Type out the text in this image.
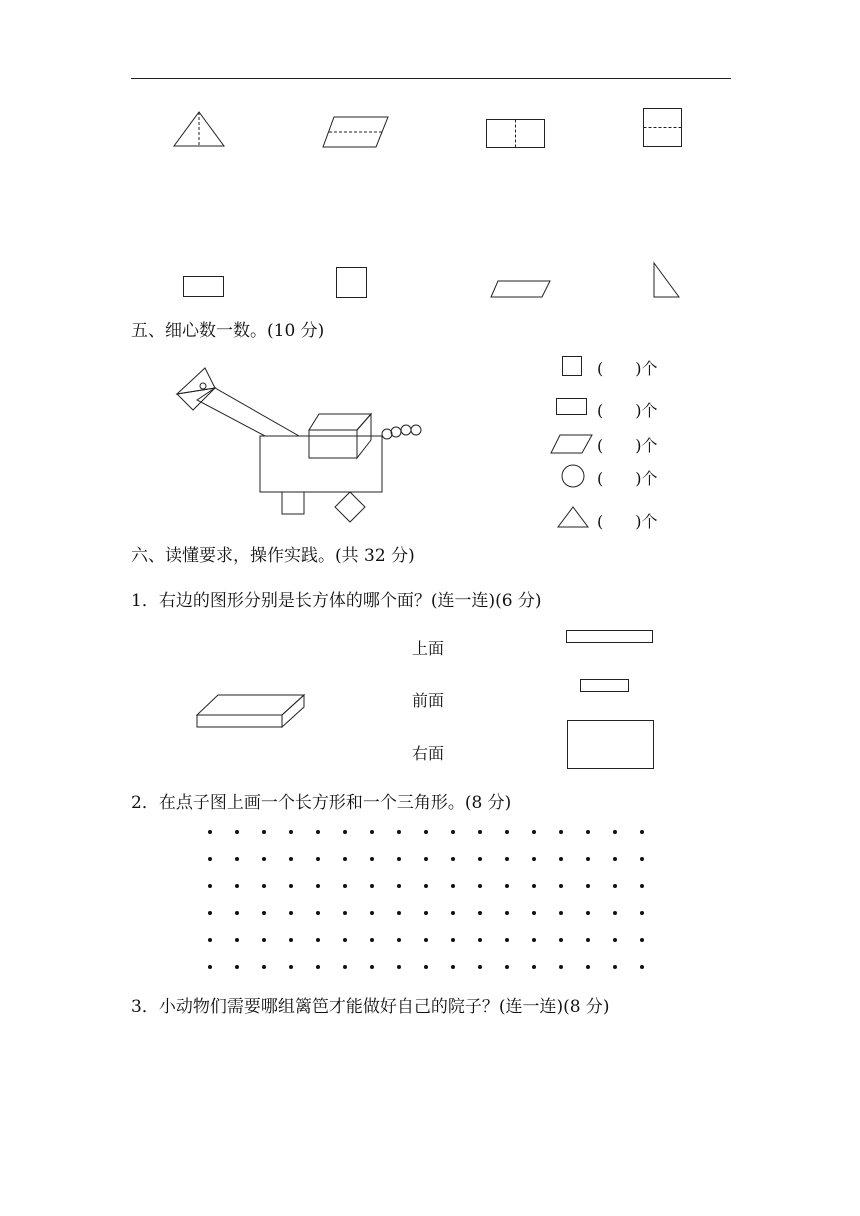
五、细心数一数。(10 分)
(　　)个
(　　)个
(　　)个
(　　)个
(　　)个
六、读懂要求，操作实践。(共 32 分)
1．右边的图形分别是长方体的哪个面？(连一连)(6 分)
上面
前面
右面
2．在点子图上画一个长方形和一个三角形。(8 分)
3．小动物们需要哪组篱笆才能做好自己的院子？(连一连)(8 分)
